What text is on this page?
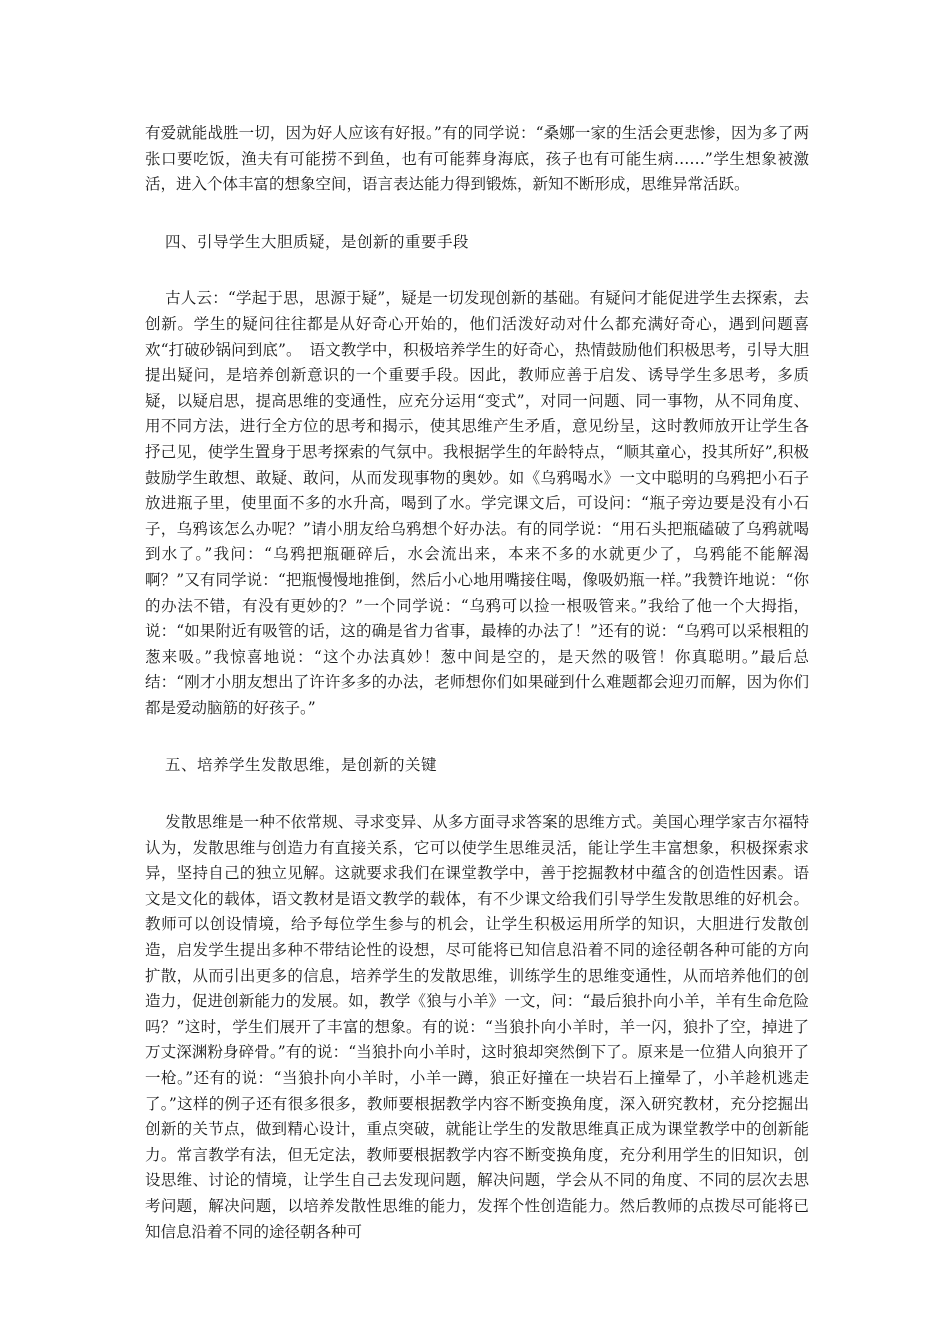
有爱就能战胜一切，因为好人应该有好报。”有的同学说：“桑娜一家的生活会更悲惨，因为多了两张口要吃饭，渔夫有可能捞不到鱼，也有可能葬身海底，孩子也有可能生病……”学生想象被激活，进入个体丰富的想象空间，语言表达能力得到锻炼，新知不断形成，思维异常活跃。

四、引导学生大胆质疑，是创新的重要手段

古人云：“学起于思，思源于疑”，疑是一切发现创新的基础。有疑问才能促进学生去探索，去创新。学生的疑问往往都是从好奇心开始的，他们活泼好动对什么都充满好奇心，遇到问题喜欢“打破砂锅问到底”。　语文教学中，积极培养学生的好奇心，热情鼓励他们积极思考，引导大胆提出疑问，是培养创新意识的一个重要手段。因此，教师应善于启发、诱导学生多思考，多质疑，以疑启思，提高思维的变通性，应充分运用“变式”，对同一问题、同一事物，从不同角度、用不同方法，进行全方位的思考和揭示，使其思维产生矛盾，意见纷呈，这时教师放开让学生各抒己见，使学生置身于思考探索的气氛中。我根据学生的年龄特点，“顺其童心，投其所好”,积极鼓励学生敢想、敢疑、敢问，从而发现事物的奥妙。如《乌鸦喝水》一文中聪明的乌鸦把小石子放进瓶子里，使里面不多的水升高，喝到了水。学完课文后，可设问：“瓶子旁边要是没有小石子，乌鸦该怎么办呢？”请小朋友给乌鸦想个好办法。有的同学说：“用石头把瓶磕破了乌鸦就喝到水了。”我问：“乌鸦把瓶砸碎后，水会流出来，本来不多的水就更少了，乌鸦能不能解渴啊？”又有同学说：“把瓶慢慢地推倒，然后小心地用嘴接住喝，像吸奶瓶一样。”我赞许地说：“你的办法不错，有没有更妙的？”一个同学说：“乌鸦可以捡一根吸管来。”我给了他一个大拇指，说：“如果附近有吸管的话，这的确是省力省事，最棒的办法了！”还有的说：“乌鸦可以采根粗的葱来吸。”我惊喜地说：“这个办法真妙！葱中间是空的，是天然的吸管！你真聪明。”最后总结：“刚才小朋友想出了许许多多的办法，老师想你们如果碰到什么难题都会迎刃而解，因为你们都是爱动脑筋的好孩子。”

五、培养学生发散思维，是创新的关键

发散思维是一种不依常规、寻求变异、从多方面寻求答案的思维方式。美国心理学家吉尔福特认为，发散思维与创造力有直接关系，它可以使学生思维灵活，能让学生丰富想象，积极探索求异，坚持自己的独立见解。这就要求我们在课堂教学中，善于挖掘教材中蕴含的创造性因素。语文是文化的载体，语文教材是语文教学的载体，有不少课文给我们引导学生发散思维的好机会。教师可以创设情境，给予每位学生参与的机会，让学生积极运用所学的知识，大胆进行发散创造，启发学生提出多种不带结论性的设想，尽可能将已知信息沿着不同的途径朝各种可能的方向扩散，从而引出更多的信息，培养学生的发散思维，训练学生的思维变通性，从而培养他们的创造力，促进创新能力的发展。如，教学《狼与小羊》一文，问：“最后狼扑向小羊，羊有生命危险吗？”这时，学生们展开了丰富的想象。有的说：“当狼扑向小羊时，羊一闪，狼扑了空，掉进了万丈深渊粉身碎骨。”有的说：“当狼扑向小羊时，这时狼却突然倒下了。原来是一位猎人向狼开了一枪。”还有的说：“当狼扑向小羊时，小羊一蹲，狼正好撞在一块岩石上撞晕了，小羊趁机逃走了。”这样的例子还有很多很多，教师要根据教学内容不断变换角度，深入研究教材，充分挖掘出创新的关节点，做到精心设计，重点突破，就能让学生的发散思维真正成为课堂教学中的创新能力。常言教学有法，但无定法，教师要根据教学内容不断变换角度，充分利用学生的旧知识，创设思维、讨论的情境，让学生自己去发现问题，解决问题，学会从不同的角度、不同的层次去思考问题，解决问题，以培养发散性思维的能力，发挥个性创造能力。然后教师的点拨尽可能将已知信息沿着不同的途径朝各种可
